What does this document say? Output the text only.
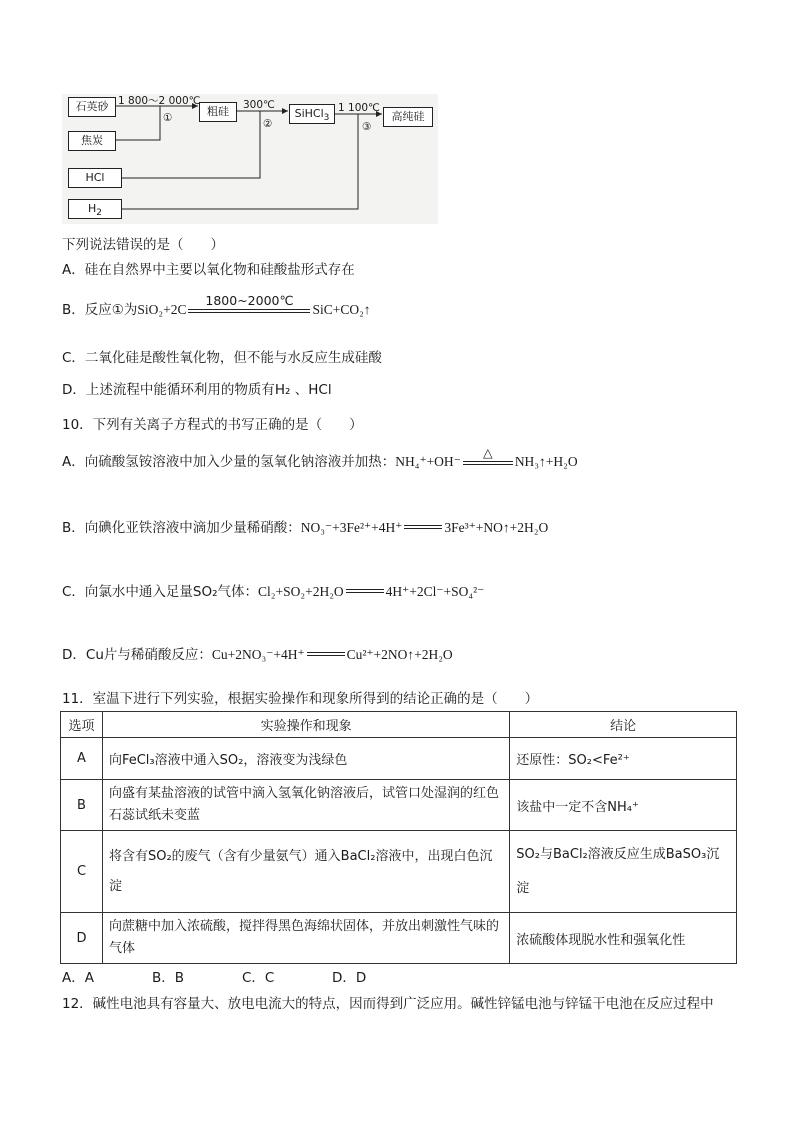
石英砂
焦炭
HCl
$H_2$
粗硅	SiHCl$_3$	高纯硅
1 800～2 000℃	300℃	1 100℃
①	②	③
下列说法错误的是（　　）
A．硅在自然界中主要以氧化物和硅酸盐形式存在
B．反应①为SiO₂+2C
1800~2000℃
SiC+CO₂↑
C．二氧化硅是酸性氧化物，但不能与水反应生成硅酸
D．上述流程中能循环利用的物质有H₂ 、HCl
10．下列有关离子方程式的书写正确的是（　　）
A．向硫酸氢铵溶液中加入少量的氢氧化钠溶液并加热：NH₄⁺+OH⁻
△
NH₃↑+H₂O
B．向碘化亚铁溶液中滴加少量稀硝酸：NO₃⁻+3Fe²⁺+4H⁺	3Fe³⁺+NO↑+2H₂O
C．向氯水中通入足量SO₂气体：Cl₂+SO₂+2H₂O	4H⁺+2Cl⁻+SO₄²⁻
D．Cu片与稀硝酸反应：Cu+2NO₃⁻+4H⁺	Cu²⁺+2NO↑+2H₂O
11．室温下进行下列实验，根据实验操作和现象所得到的结论正确的是（　　）
选项	实验操作和现象	结论
A	向FeCl₃溶液中通入SO₂，溶液变为浅绿色	还原性：SO₂<Fe²⁺
B	向盛有某盐溶液的试管中滴入氢氧化钠溶液后，试管口处湿润的红色石蕊试纸未变蓝	该盐中一定不含NH₄⁺
C	将含有SO₂的废气（含有少量氨气）通入BaCl₂溶液中，出现白色沉淀	SO₂与BaCl₂溶液反应生成BaSO₃沉淀
D	向蔗糖中加入浓硫酸，搅拌得黑色海绵状固体，并放出刺激性气味的气体	浓硫酸体现脱水性和强氧化性
A．A	B．B	C．C	D．D
12．碱性电池具有容量大、放电电流大的特点，因而得到广泛应用。碱性锌锰电池与锌锰干电池在反应过程中
